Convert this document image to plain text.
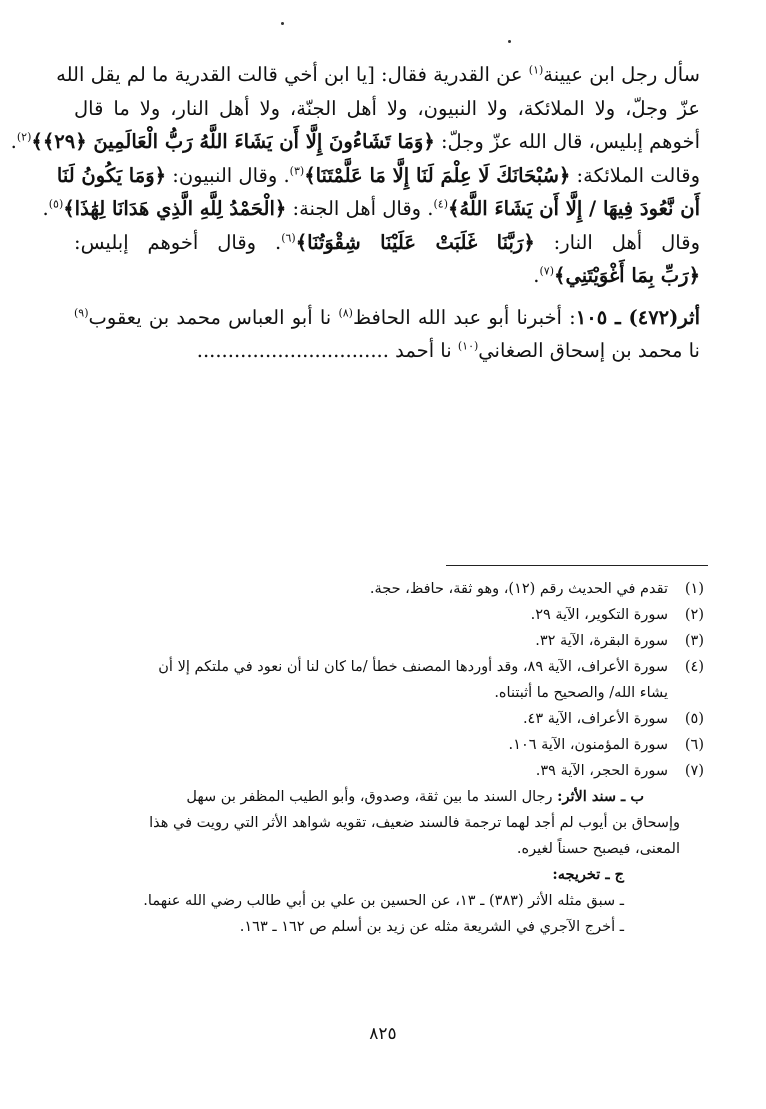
سأل رجل ابن عيينة$^{(١)}$ عن القدرية فقال: [يا ابن أخي قالت القدرية ما لم يقل الله
عزّ وجلّ، ولا الملائكة، ولا النبيون، ولا أهل الجنّة، ولا أهل النار، ولا ما قال
أخوهم إبليس، قال الله عزّ وجلّ: ﴿وَمَا تَشَاءُونَ إِلَّا أَن يَشَاءَ اللَّهُ رَبُّ الْعَالَمِينَ ﴿٢٩﴾﴾$^{(٢)}$.
وقالت الملائكة: ﴿سُبْحَانَكَ لَا عِلْمَ لَنَا إِلَّا مَا عَلَّمْتَنَا﴾$^{(٣)}$. وقال النبيون: ﴿وَمَا يَكُونُ لَنَا
أَن نَّعُودَ فِيهَا / إِلَّا أَن يَشَاءَ اللَّهُ﴾$^{(٤)}$. وقال أهل الجنة: ﴿الْحَمْدُ لِلَّهِ الَّذِي هَدَانَا لِهَٰذَا﴾$^{(٥)}$.
وقال أهل النار: ﴿رَبَّنَا غَلَبَتْ عَلَيْنَا شِقْوَتُنَا﴾$^{(٦)}$. وقال أخوهم إبليس:
﴿رَبِّ بِمَا أَغْوَيْتَنِي﴾$^{(٧)}$.
أثر(٤٧٢) ـ ١٠٥: أخبرنا أبو عبد الله الحافظ$^{(٨)}$ نا أبو العباس محمد بن يعقوب$^{(٩)}$
نا محمد بن إسحاق الصغاني$^{(١٠)}$ نا أحمد ...............................
(١)
تقدم في الحديث رقم (١٢)، وهو ثقة، حافظ، حجة.
(٢)
سورة التكوير، الآية ٢٩.
(٣)
سورة البقرة، الآية ٣٢.
(٤)
سورة الأعراف، الآية ٨٩، وقد أوردها المصنف خطأ /ما كان لنا أن نعود في ملتكم إلا أن
يشاء الله/ والصحيح ما أثبتناه.
(٥)
سورة الأعراف، الآية ٤٣.
(٦)
سورة المؤمنون، الآية ١٠٦.
(٧)
سورة الحجر، الآية ٣٩.
ب ـ سند الأثر: رجال السند ما بين ثقة، وصدوق، وأبو الطيب المظفر بن سهل
وإسحاق بن أيوب لم أجد لهما ترجمة فالسند ضعيف، تقويه شواهد الأثر التي رويت في هذا
المعنى، فيصبح حسناً لغيره.
ج ـ تخريجه:
ـ سبق مثله الأثر (٣٨٣) ـ ١٣، عن الحسين بن علي بن أبي طالب رضي الله عنهما.
ـ أخرج الآجري في الشريعة مثله عن زيد بن أسلم ص ١٦٢ ـ ١٦٣.
٨٢٥
